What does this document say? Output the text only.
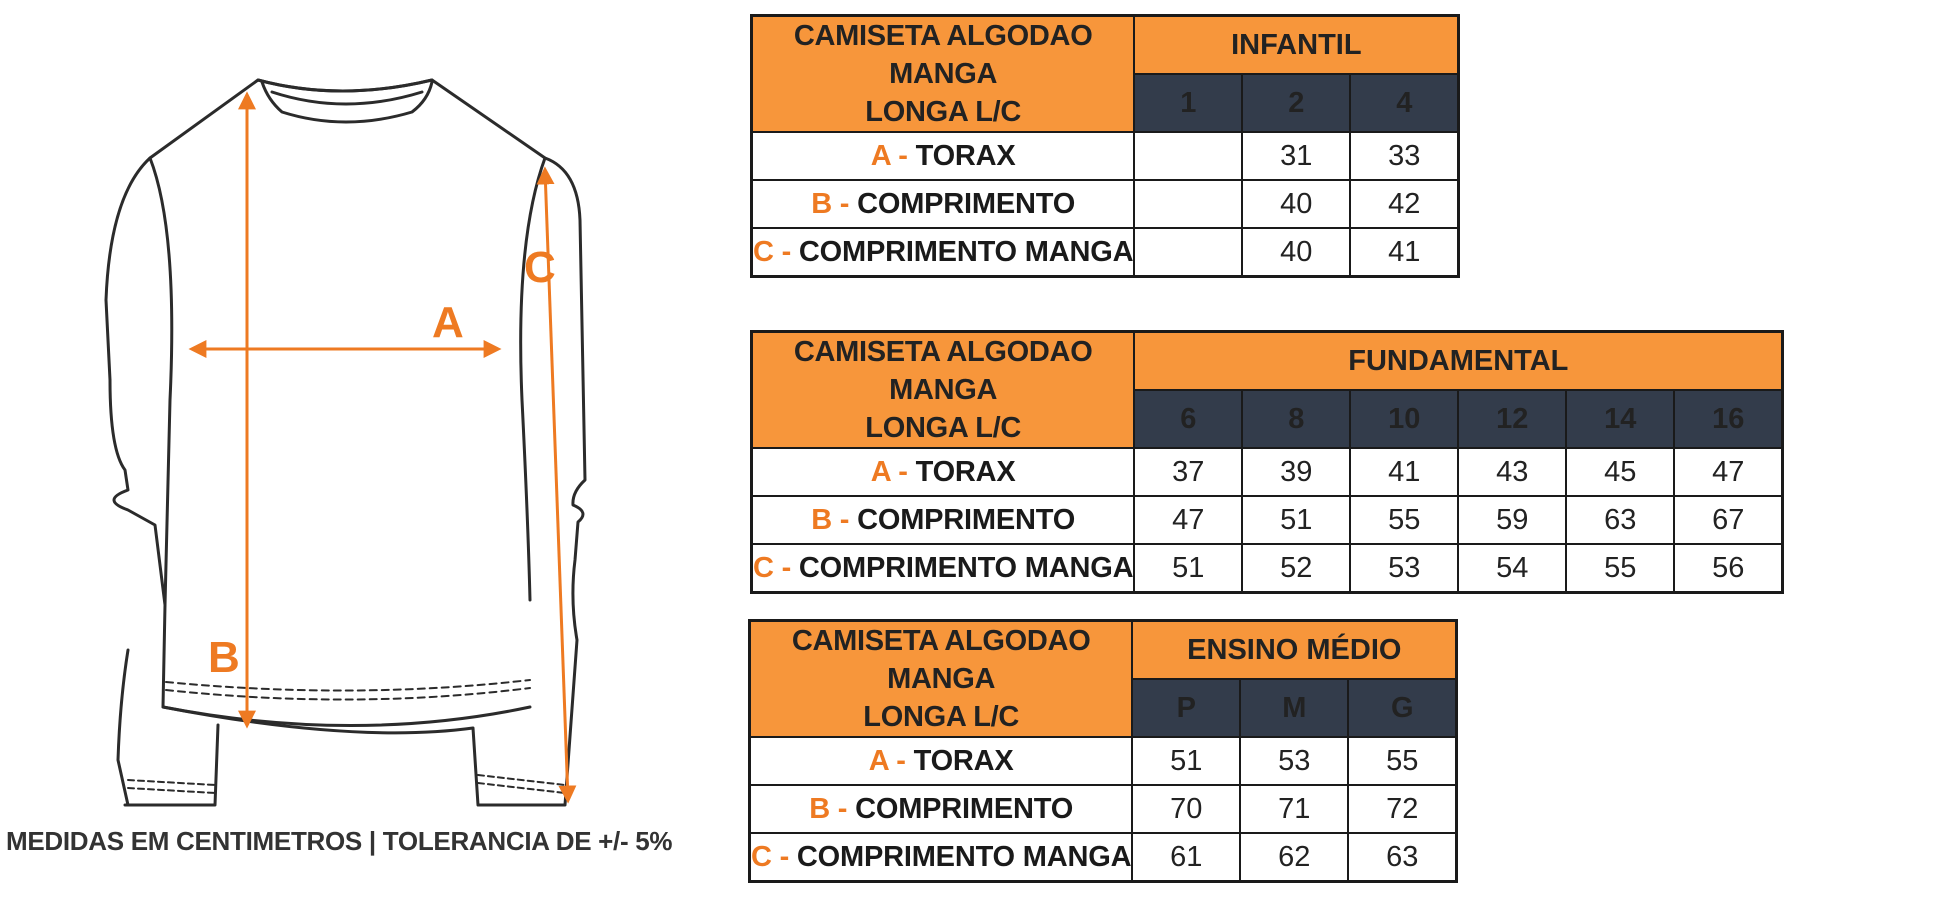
A
B
C
MEDIDAS EM CENTIMETROS | TOLERANCIA DE +/- 5%
CAMISETA ALGODAO MANGA
LONGA L/C	INFANTIL		
	1	2	4
A - TORAX		31	33
B - COMPRIMENTO		40	42
C - COMPRIMENTO MANGA		40	41
CAMISETA ALGODAO MANGA
LONGA L/C	FUNDAMENTAL					
	6	8	10	12	14	16
A - TORAX	37	39	41	43	45	47
B - COMPRIMENTO	47	51	55	59	63	67
C - COMPRIMENTO MANGA	51	52	53	54	55	56
CAMISETA ALGODAO MANGA
LONGA L/C	ENSINO MÉDIO		
	P	M	G
A - TORAX	51	53	55
B - COMPRIMENTO	70	71	72
C - COMPRIMENTO MANGA	61	62	63
